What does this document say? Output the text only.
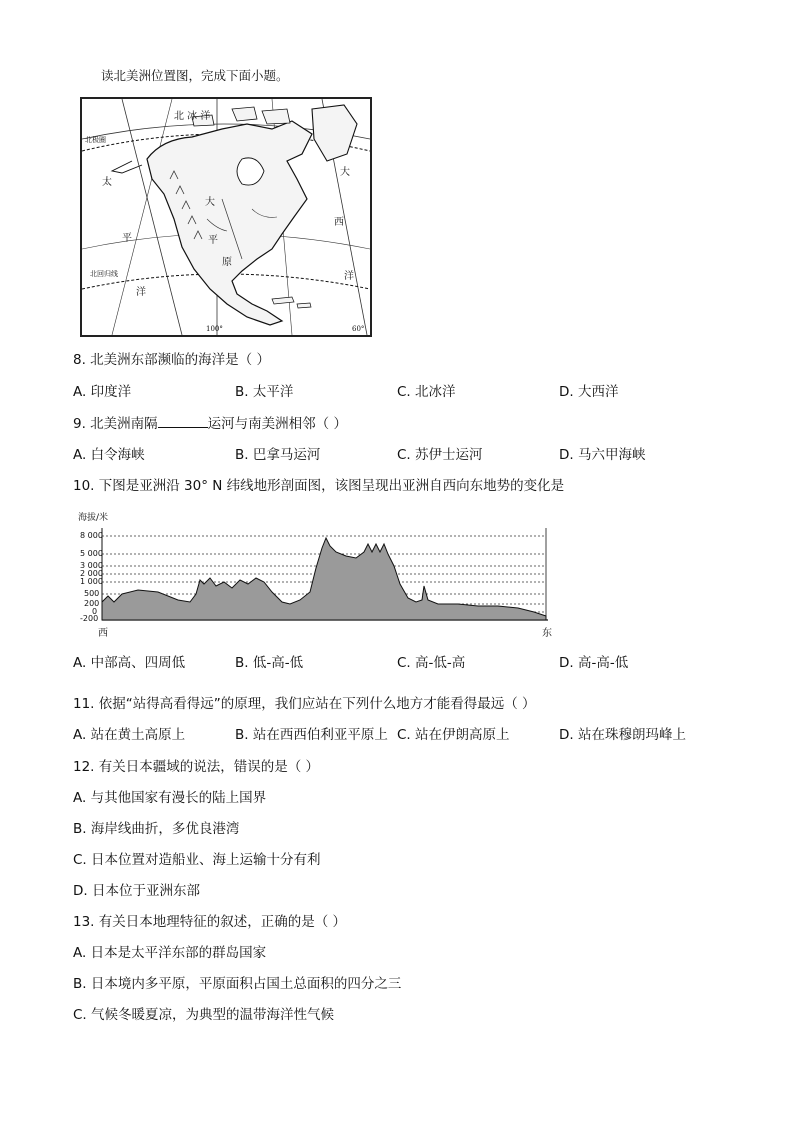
读北美洲位置图，完成下面小题。
北 冰 洋
北极圈
太
平
洋
大
西
洋
大
平
原
北回归线
100°	60°
8. 北美洲东部濒临的海洋是（ ）
A. 印度洋	B. 太平洋	C. 北冰洋	D. 大西洋
9. 北美洲南隔	运河与南美洲相邻（ ）
A. 白令海峡	B. 巴拿马运河	C. 苏伊士运河	D. 马六甲海峡
10. 下图是亚洲沿 30° N 纬线地形剖面图，该图呈现出亚洲自西向东地势的变化是
海拔/米
8 000
5 000
3 000
2 000
1 000
500
200
0
-200
西	东
A. 中部高、四周低	B. 低-高-低	C. 高-低-高	D. 高-高-低
11. 依据“站得高看得远”的原理，我们应站在下列什么地方才能看得最远（ ）
A. 站在黄土高原上	B. 站在西西伯利亚平原上 C. 站在伊朗高原上	D. 站在珠穆朗玛峰上
12. 有关日本疆域的说法，错误的是（ ）
A. 与其他国家有漫长的陆上国界
B. 海岸线曲折，多优良港湾
C. 日本位置对造船业、海上运输十分有利
D. 日本位于亚洲东部
13. 有关日本地理特征的叙述，正确的是（ ）
A. 日本是太平洋东部的群岛国家
B. 日本境内多平原，平原面积占国土总面积的四分之三
C. 气候冬暖夏凉，为典型的温带海洋性气候
